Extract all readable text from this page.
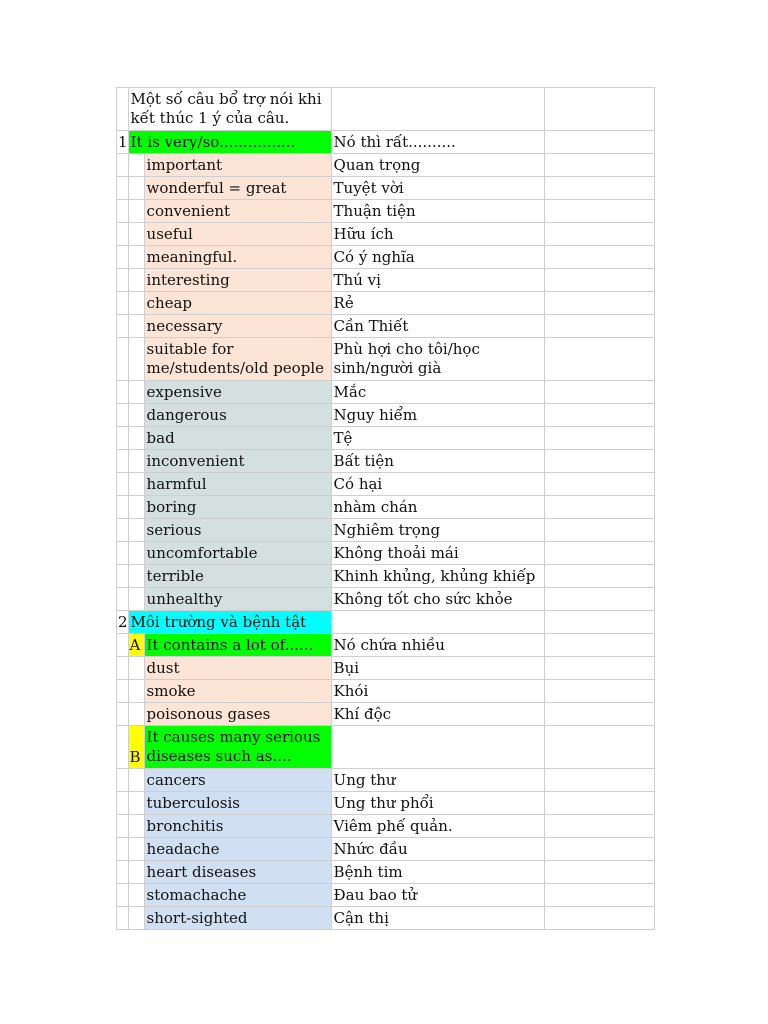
	Một số câu bổ trợ nói khi kết thúc 1 ý của câu.			
1	It is very/so................		Nó thì rất..........	
		important	Quan trọng	
		wonderful = great	Tuyệt vời	
		convenient	Thuận tiện	
		useful	Hữu ích	
		meaningful.	Có ý nghĩa	
		interesting	Thú vị	
		cheap	Rẻ	
		necessary	Cần Thiết	
		suitable for me/students/old people	Phù hợi cho tôi/học sinh/người già	
		expensive	Mắc	
		dangerous	Nguy hiểm	
		bad	Tệ	
		inconvenient	Bất tiện	
		harmful	Có hại	
		boring	nhàm chán	
		serious	Nghiêm trọng	
		uncomfortable	Không thoải mái	
		terrible	Khinh khủng, khủng khiếp	
		unhealthy	Không tốt cho sức khỏe	
2	Môi trường và bệnh tật			
	A	It contains a lot of......	Nó chứa nhiều	
		dust	Bụi	
		smoke	Khói	
		poisonous gases	Khí độc	
	B	It causes many serious diseases such as....		
		cancers	Ung thư	
		tuberculosis	Ung thư phổi	
		bronchitis	Viêm phế quản.	
		headache	Nhức đầu	
		heart diseases	Bệnh tim	
		stomachache	Đau bao tử	
		short-sighted	Cận thị	
